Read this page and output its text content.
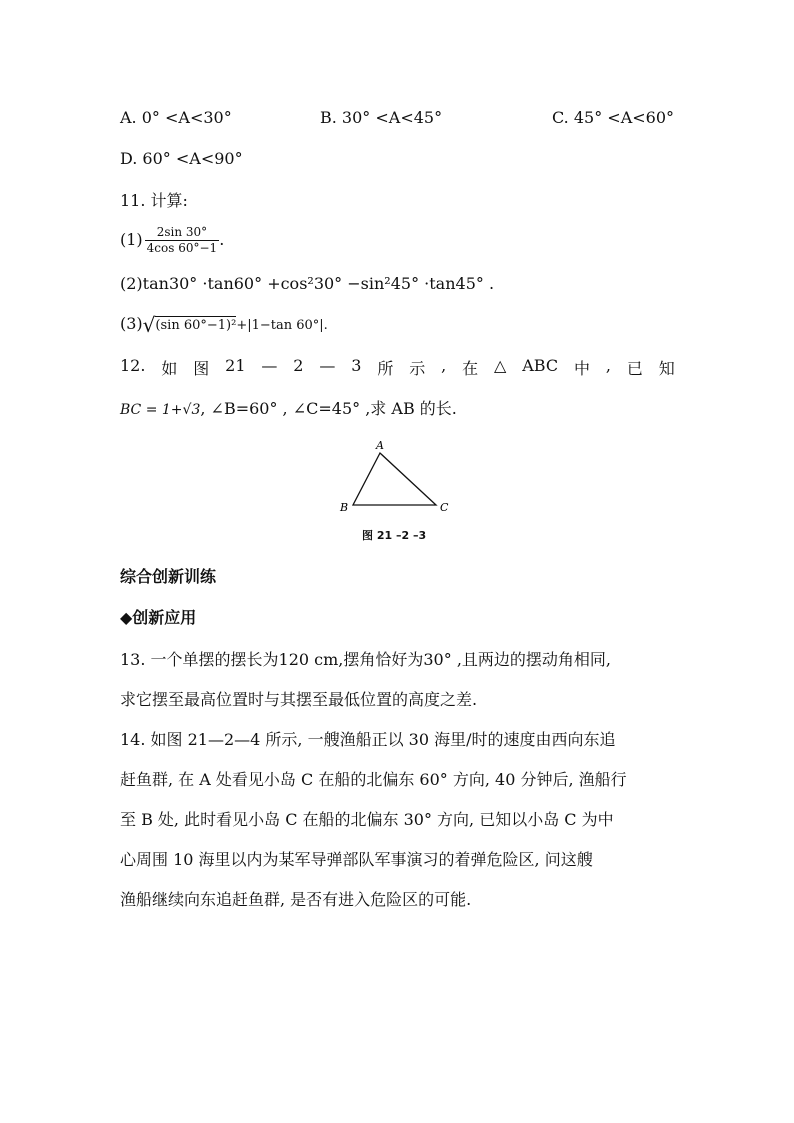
A. 0° <A<30°	B. 30° <A<45°	C. 45° <A<60°
D. 60° <A<90°
11. 计算:
$(1) \frac{2\sin 30^\circ}{4\cos 60^\circ-1}$ .
(2)tan30° ·tan60° +cos²30° −sin²45° ·tan45° .
(3)√(sin 60°−1)²+|1−tan 60°|.
12. 如 图 21 — 2 — 3 所 示 , 在 △ ABC 中 , 已 知
BC = 1+√3, ∠B=60° , ∠C=45° ,求 AB 的长.
A
B	C
图 21 –2 –3
综合创新训练
◆创新应用
13. 一个单摆的摆长为120 cm,摆角恰好为30° ,且两边的摆动角相同,
求它摆至最高位置时与其摆至最低位置的高度之差.
14. 如图 21—2—4 所示, 一艘渔船正以 30 海里/时的速度由西向东追
赶鱼群, 在 A 处看见小岛 C 在船的北偏东 60° 方向, 40 分钟后, 渔船行
至 B 处, 此时看见小岛 C 在船的北偏东 30° 方向, 已知以小岛 C 为中
心周围 10 海里以内为某军导弹部队军事演习的着弹危险区, 问这艘
渔船继续向东追赶鱼群, 是否有进入危险区的可能.
